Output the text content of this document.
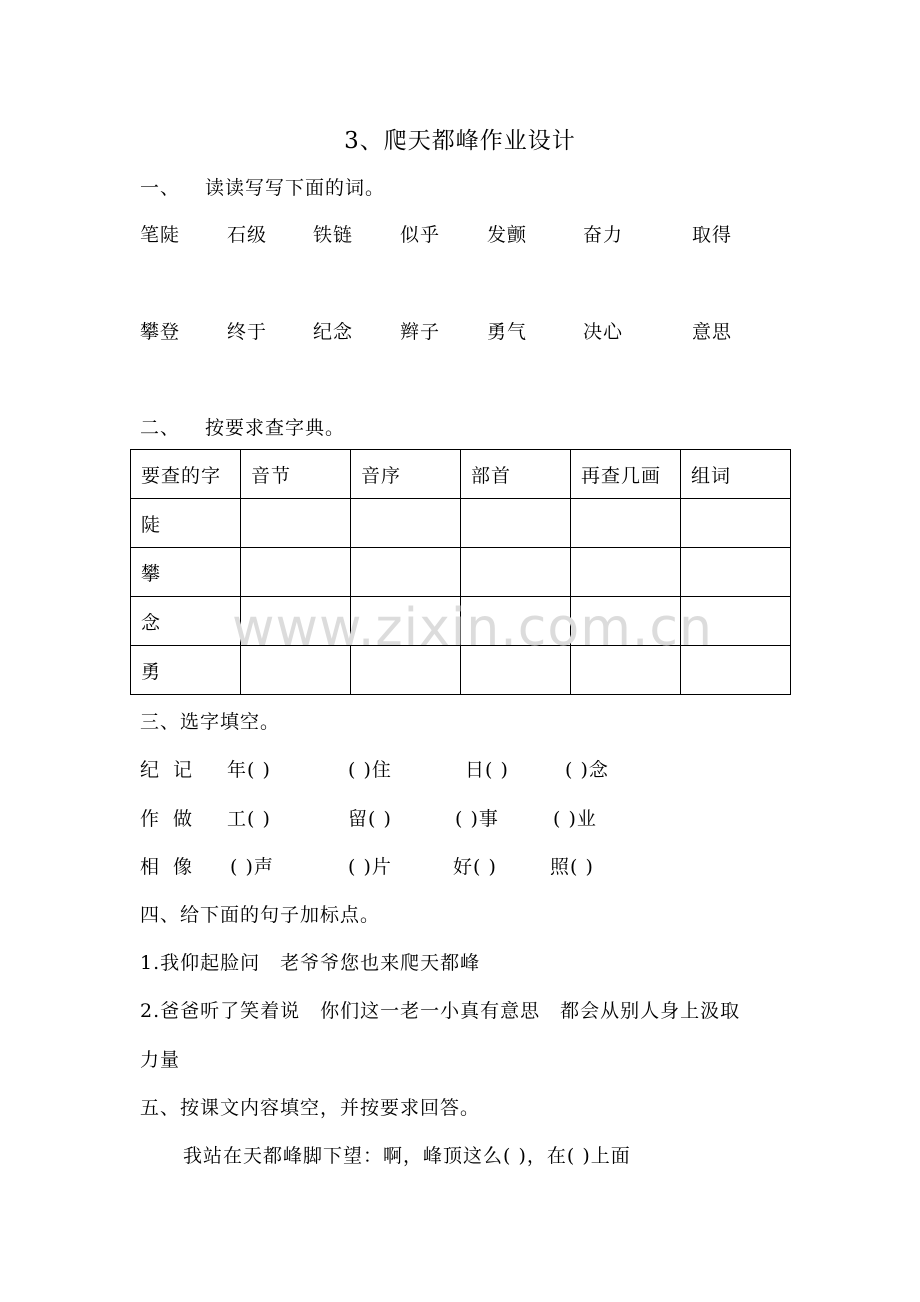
3、爬天都峰作业设计
一、 读读写写下面的词。
笔陡 石级 铁链 似乎 发颤	奋力	取得
攀登 终于 纪念 辫子 勇气	决心	意思
二、 按要求查字典。
要查的字	音节	音序	部首	再查几画	组词
陡					
攀					
念					
勇					
www.zixin.com.cn
三、选字填空。
纪 记 年( )	( )住	日( )	( )念
作 做 工( )	留( )	( )事	( )业
相 像 ( )声	( )片	好( )	照( )
四、给下面的句子加标点。
1.我仰起脸问　老爷爷您也来爬天都峰
2.爸爸听了笑着说　你们这一老一小真有意思　都会从别人身上汲取
力量
五、按课文内容填空，并按要求回答。
我站在天都峰脚下望：啊，峰顶这么( )，在( )上面
